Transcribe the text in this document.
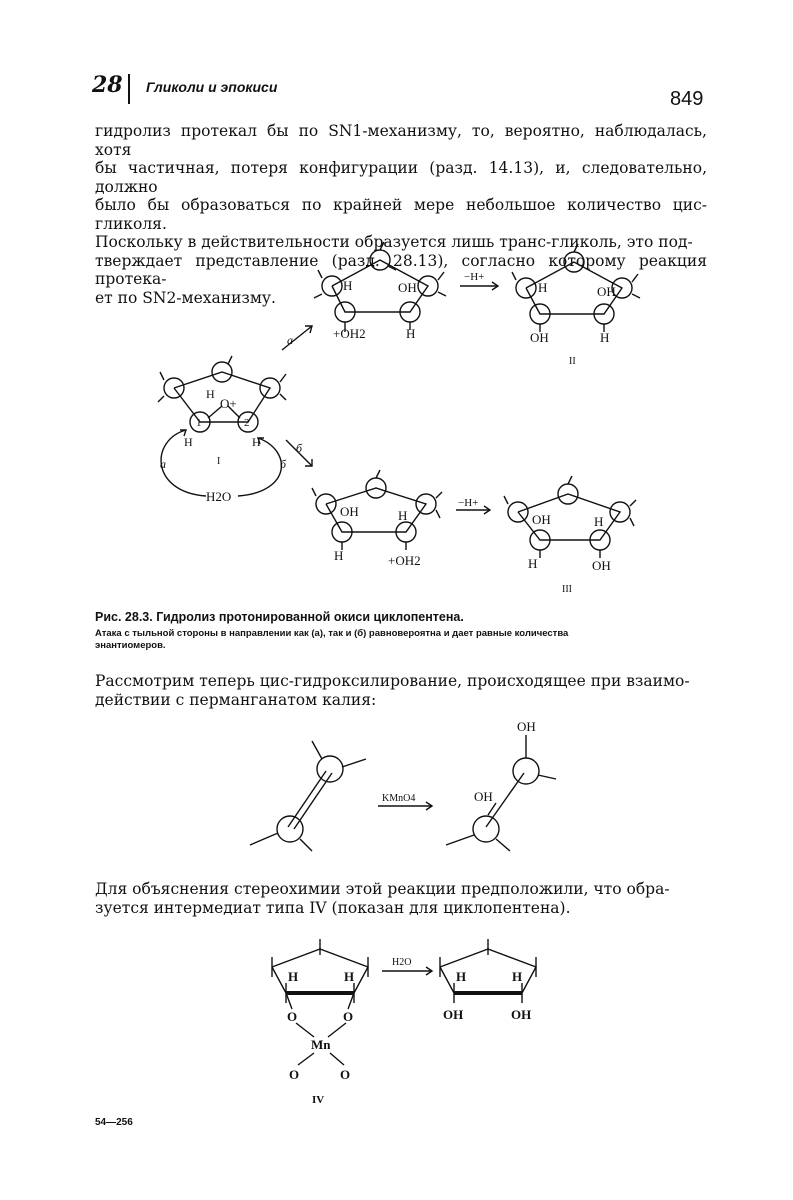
28 Гликоли и эпокиси
849
гидролиз протекал бы по SN1-механизму, то, вероятно, наблюдалась, хотя
бы частичная, потеря конфигурации (разд. 14.13), и, следовательно, должно
было бы образоваться по крайней мере небольшое количество цис-гликоля.
Поскольку в действительности образуется лишь транс-гликоль, это под-
тверждает представление (разд. 28.13), согласно которому реакция протека-
ет по SN2-механизму.
H	OH
+OH2	H
−H+
H	OH
OH	H
II
a
O+
H
1	2
H	H
I
H2O
a	б
б
OH	H
H	+OH2
−H+
OH	H
H	OH
III
Рис. 28.3. Гидролиз протонированной окиси циклопентена.
Атака с тыльной стороны в направлении как (а), так и (б) равновероятна и дает равные количества
энантиомеров.
Рассмотрим теперь цис-гидроксилирование, происходящее при взаимо-
действии с перманганатом калия:
KMnO4
OH
OH
Для объяснения стереохимии этой реакции предположили, что обра-
зуется интермедиат типа IV (показан для циклопентена).
H	H
O	O
Mn
O	O
IV
H2O
H	H
OH	OH
54—256
